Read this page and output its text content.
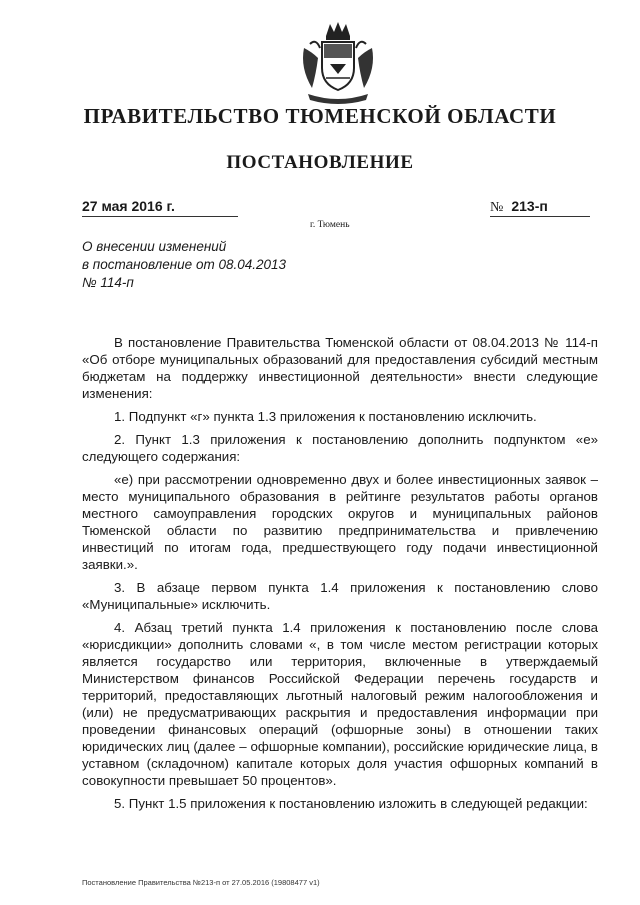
ПРАВИТЕЛЬСТВО ТЮМЕНСКОЙ ОБЛАСТИ
ПОСТАНОВЛЕНИЕ
27 мая 2016 г.	№ 213-п
г. Тюмень
О внесении изменений
в постановление от 08.04.2013
№ 114-п

В постановление Правительства Тюменской области от 08.04.2013 № 114-п «Об отборе муниципальных образований для предоставления субсидий местным бюджетам на поддержку инвестиционной деятельности» внести следующие изменения:

1. Подпункт «г» пункта 1.3 приложения к постановлению исключить.

2. Пункт 1.3 приложения к постановлению дополнить подпунктом «е» следующего содержания:

«е) при рассмотрении одновременно двух и более инвестиционных заявок – место муниципального образования в рейтинге результатов работы органов местного самоуправления городских округов и муниципальных районов Тюменской области по развитию предпринимательства и привлечению инвестиций по итогам года, предшествующего году подачи инвестиционной заявки.».

3. В абзаце первом пункта 1.4 приложения к постановлению слово «Муниципальные» исключить.

4. Абзац третий пункта 1.4 приложения к постановлению после слова «юрисдикции» дополнить словами «, в том числе местом регистрации которых является государство или территория, включенные в утверждаемый Министерством финансов Российской Федерации перечень государств и территорий, предоставляющих льготный налоговый режим налогообложения и (или) не предусматривающих раскрытия и предоставления информации при проведении финансовых операций (офшорные зоны) в отношении таких юридических лиц (далее – офшорные компании), российские юридические лица, в уставном (складочном) капитале которых доля участия офшорных компаний в совокупности превышает 50 процентов».

5. Пункт 1.5 приложения к постановлению изложить в следующей редакции:

Постановление Правительства №213-п от 27.05.2016 (19808477 v1)
